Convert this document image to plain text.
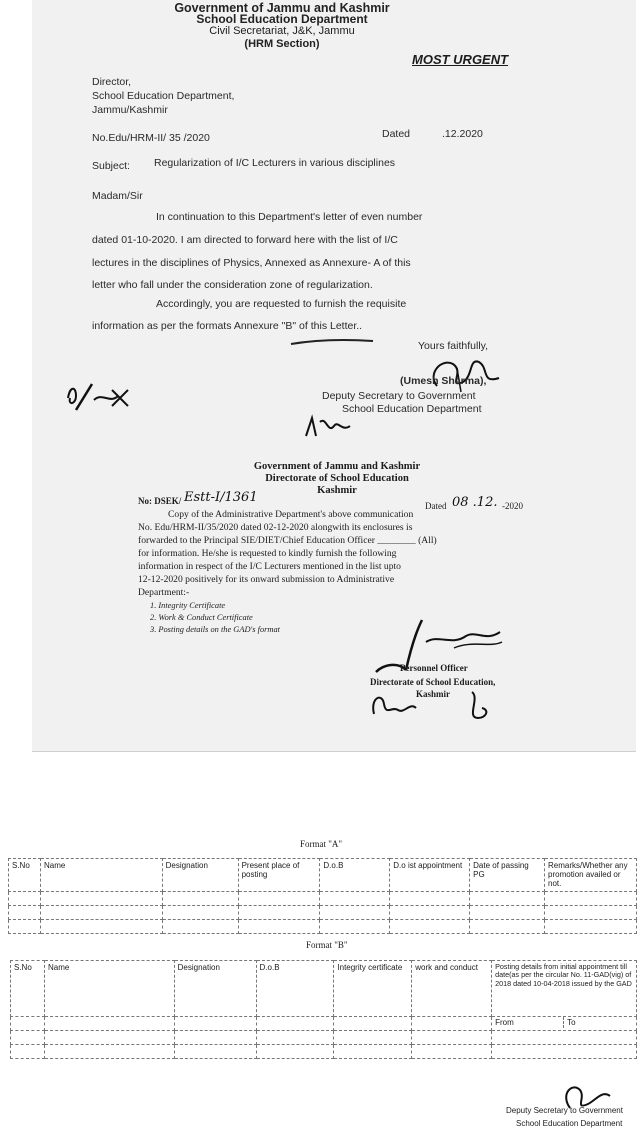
Government of Jammu and Kashmir
School Education Department
Civil Secretariat, J&K, Jammu
(HRM Section)
MOST URGENT
Director,
School Education Department,
Jammu/Kashmir
No.Edu/HRM-II/ 35 /2020	Dated	.12.2020
Subject: Regularization of I/C Lecturers in various disciplines
Madam/Sir
In continuation to this Department's letter of even number
dated 01-10-2020. I am directed to forward here with the list of I/C
lectures in the disciplines of Physics, Annexed as Annexure- A of this
letter who fall under the consideration zone of regularization.
Accordingly, you are requested to furnish the requisite
information as per the formats Annexure "B" of this Letter..
Yours faithfully,
(Umesh Sharma),
Deputy Secretary to Government
School Education Department
Government of Jammu and Kashmir
Directorate of School Education
Kashmir
No: DSEK/ Estt-I/1361
Dated 08 .12. -2020
Copy of the Administrative Department's above communication
No. Edu/HRM-II/35/2020 dated 02-12-2020 alongwith its enclosures is
forwarded to the Principal SIE/DIET/Chief Education Officer ________ (All)
for information. He/she is requested to kindly furnish the following
information in respect of the I/C Lecturers mentioned in the list upto
12-12-2020 positively for its onward submission to Administrative
Department:-
1. Integrity Certificate
2. Work & Conduct Certificate
3. Posting details on the GAD's format
Personnel Officer
Directorate of School Education,
Kashmir
Format "A"
S.No	Name	Designation	Present place of posting	D.o.B	D.o ist appointment	Date of passing PG	Remarks/Whether any promotion availed or not.

Format "B"
S.No	Name	Designation	D.o.B	Integrity certificate	work and conduct	Posting details from initial appointment till date(as per the circular No. 11-GAD(vig) of 2018 dated 10-04-2018 issued by the GAD

						From To

Deputy Secretary to Government
School Education Department
